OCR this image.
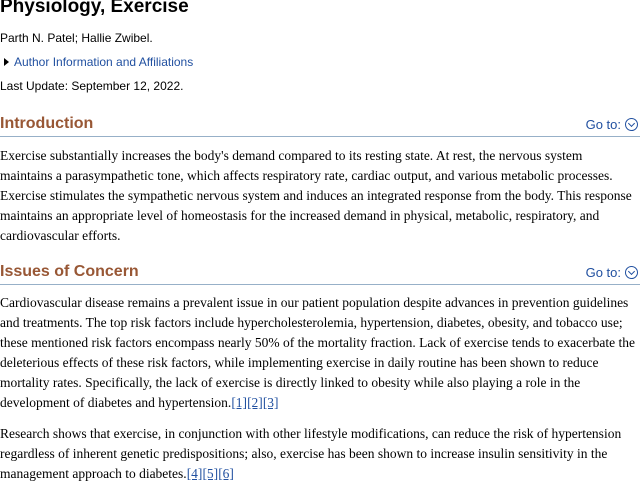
Physiology, Exercise
Parth N. Patel; Hallie Zwibel.
Author Information and Affiliations
Last Update: September 12, 2022.
Introduction	Go to:

Exercise substantially increases the body's demand compared to its resting state. At rest, the nervous system maintains a parasympathetic tone, which affects respiratory rate, cardiac output, and various metabolic processes. Exercise stimulates the sympathetic nervous system and induces an integrated response from the body. This response maintains an appropriate level of homeostasis for the increased demand in physical, metabolic, respiratory, and cardiovascular efforts.

Issues of Concern	Go to:

Cardiovascular disease remains a prevalent issue in our patient population despite advances in prevention guidelines and treatments. The top risk factors include hypercholesterolemia, hypertension, diabetes, obesity, and tobacco use; these mentioned risk factors encompass nearly 50% of the mortality fraction. Lack of exercise tends to exacerbate the deleterious effects of these risk factors, while implementing exercise in daily routine has been shown to reduce mortality rates. Specifically, the lack of exercise is directly linked to obesity while also playing a role in the development of diabetes and hypertension.[1][2][3]

Research shows that exercise, in conjunction with other lifestyle modifications, can reduce the risk of hypertension regardless of inherent genetic predispositions; also, exercise has been shown to increase insulin sensitivity in the management approach to diabetes.[4][5][6]
